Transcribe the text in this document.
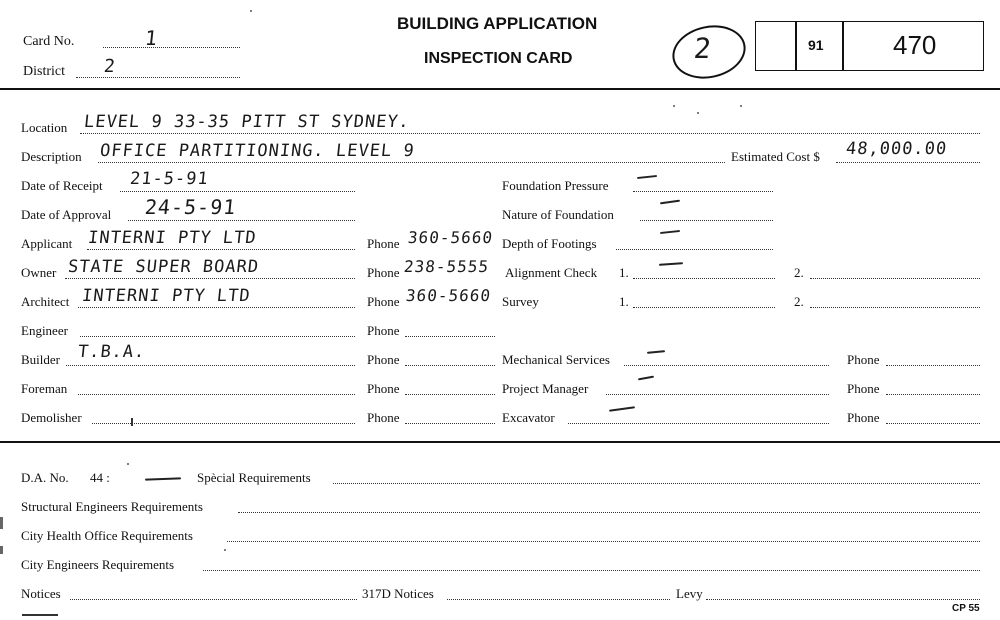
Card No.	1
District 2
BUILDING APPLICATION
INSPECTION CARD	2	91	470
Location LEVEL 9 33-35 PITT ST SYDNEY.
Description OFFICE PARTITIONING. LEVEL 9	Estimated Cost $ 48,000.00
Date of Receipt 21-5-91
Date of Approval 24-5-91
Applicant INTERNI PTY LTD	Phone 360-5660
Owner STATE SUPER BOARD	Phone 238-5555
Architect INTERNI PTY LTD	Phone 360-5660
Engineer	Phone
Builder T.B.A.	Phone
Foreman	Phone
Demolisher	Phone
Foundation Pressure
Nature of Foundation
Depth of Footings
Alignment Check 1.	2.
Survey	1.	2.
Mechanical Services	Phone
Project Manager	Phone
Excavator	Phone
D.A. No. 44 :	Spècial Requirements
Structural Engineers Requirements
City Health Office Requirements
City Engineers Requirements
Notices	317D Notices	Levy
CP 55
